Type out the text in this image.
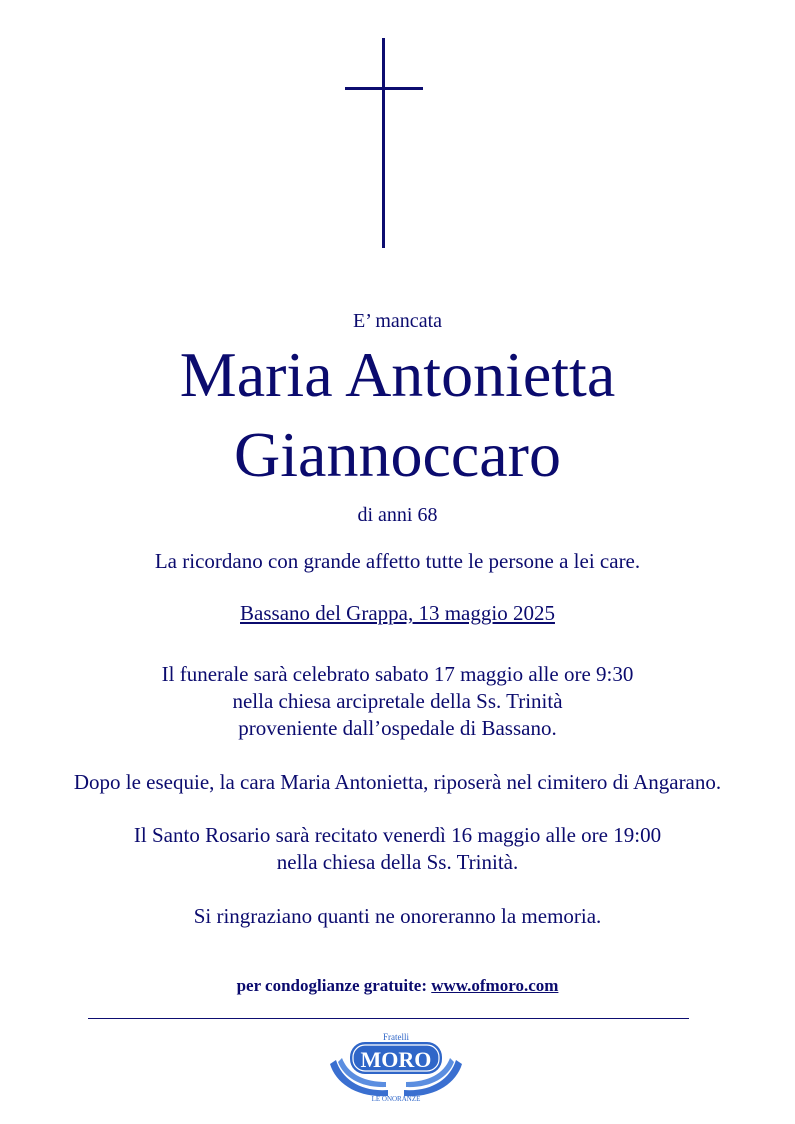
E’ mancata
Maria Antonietta
Giannoccaro
di anni 68
La ricordano con grande affetto tutte le persone a lei care.
Bassano del Grappa, 13 maggio 2025
Il funerale sarà celebrato sabato 17 maggio alle ore 9:30
nella chiesa arcipretale della Ss. Trinità
proveniente dall’ospedale di Bassano.
Dopo le esequie, la cara Maria Antonietta, riposerà nel cimitero di Angarano.
Il Santo Rosario sarà recitato venerdì 16 maggio alle ore 19:00
nella chiesa della Ss. Trinità.
Si ringraziano quanti ne onoreranno la memoria.
per condoglianze gratuite: www.ofmoro.com
Fratelli
MORO
LE ONORANZE
